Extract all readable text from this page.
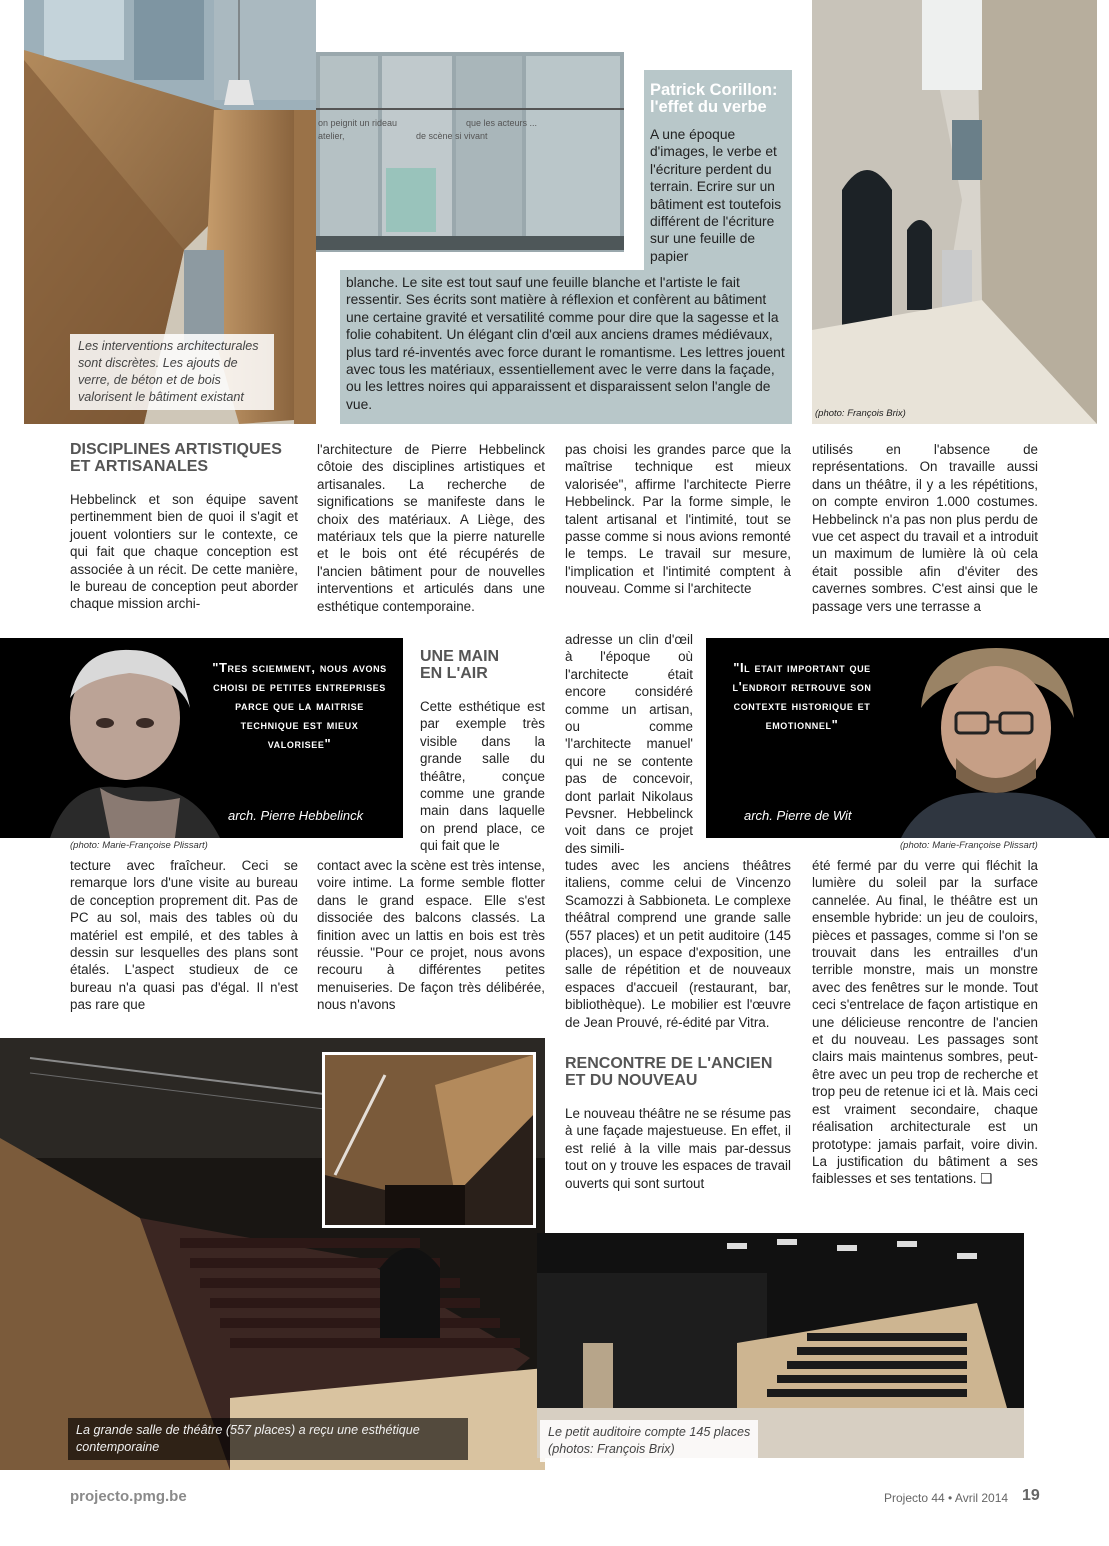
Les interventions architecturales sont discrètes. Les ajouts de verre, de béton et de bois valorisent le bâtiment existant
on peignit un rideau
atelier,
que les acteurs ...
de scène si vivant
Patrick Corillon:
l'effet du verbe

A une époque d'images, le verbe et l'écriture perdent du terrain. Ecrire sur un bâtiment est toutefois différent de l'écriture sur une feuille de papier

blanche. Le site est tout sauf une feuille blanche et l'artiste le fait ressentir. Ses écrits sont matière à réflexion et confèrent au bâtiment une certaine gravité et versatilité comme pour dire que la sagesse et la folie cohabitent. Un élégant clin d'œil aux anciens drames médiévaux, plus tard ré-inventés avec force durant le romantisme. Les lettres jouent avec tous les matériaux, essentiellement avec le verre dans la façade, ou les lettres noires qui apparaissent et disparaissent selon l'angle de vue.

(photo: François Brix)
DISCIPLINES ARTISTIQUES
ET ARTISANALES

Hebbelinck et son équipe savent pertinemment bien de quoi il s'agit et jouent volontiers sur le contexte, ce qui fait que chaque conception est associée à un récit. De cette manière, le bureau de conception peut aborder chaque mission archi-

l'architecture de Pierre Hebbelinck côtoie des disciplines artistiques et artisanales. La recherche de significations se manifeste dans le choix des matériaux. A Liège, des matériaux tels que la pierre naturelle et le bois ont été récupérés de l'ancien bâtiment pour de nouvelles interventions et articulés dans une esthétique contemporaine.

pas choisi les grandes parce que la maîtrise technique est mieux valorisée", affirme l'architecte Pierre Hebbelinck. Par la forme simple, le talent artisanal et l'intimité, tout se passe comme si nous avions remonté le temps. Le travail sur mesure, l'implication et l'intimité comptent à nouveau. Comme si l'architecte

utilisés en l'absence de représentations. On travaille aussi dans un théâtre, il y a les répétitions, on compte environ 1.000 costumes. Hebbelinck n'a pas non plus perdu de vue cet aspect du travail et a introduit un maximum de lumière là où cela était possible afin d'éviter des cavernes sombres. C'est ainsi que le passage vers une terrasse a

"Tres sciemment, nous avons choisi de petites entreprises parce que la maitrise technique est mieux valorisee"
arch. Pierre Hebbelinck
(photo: Marie-Françoise Plissart)
UNE MAIN
EN L'AIR

Cette esthétique est par exemple très visible dans la grande salle du théâtre, conçue comme une grande main dans laquelle on prend place, ce qui fait que le

adresse un clin d'œil à l'époque où l'architecte était encore considéré comme un artisan, ou comme 'l'architecte manuel' qui ne se contente pas de concevoir, dont parlait Nikolaus Pevsner. Hebbelinck voit dans ce projet des simili-

"Il etait important que l'endroit retrouve son contexte historique et emotionnel"
arch. Pierre de Wit
(photo: Marie-Françoise Plissart)

tecture avec fraîcheur. Ceci se remarque lors d'une visite au bureau de conception proprement dit. Pas de PC au sol, mais des tables où du matériel est empilé, et des tables à dessin sur lesquelles des plans sont étalés. L'aspect studieux de ce bureau n'a quasi pas d'égal. Il n'est pas rare que

contact avec la scène est très intense, voire intime. La forme semble flotter dans le grand espace. Elle s'est dissociée des balcons classés. La finition avec un lattis en bois est très réussie. "Pour ce projet, nous avons recouru à différentes petites menuiseries. De façon très délibérée, nous n'avons

tudes avec les anciens théâtres italiens, comme celui de Vincenzo Scamozzi à Sabbioneta. Le complexe théâtral comprend une grande salle (557 places) et un petit auditoire (145 places), un espace d'exposition, une salle de répétition et de nouveaux espaces d'accueil (restaurant, bar, bibliothèque). Le mobilier est l'œuvre de Jean Prouvé, ré-édité par Vitra.

RENCONTRE DE L'ANCIEN
ET DU NOUVEAU

Le nouveau théâtre ne se résume pas à une façade majestueuse. En effet, il est relié à la ville mais par-dessus tout on y trouve les espaces de travail ouverts qui sont surtout

été fermé par du verre qui fléchit la lumière du soleil par la surface cannelée. Au final, le théâtre est un ensemble hybride: un jeu de couloirs, pièces et passages, comme si l'on se trouvait dans les entrailles d'un terrible monstre, mais un monstre avec des fenêtres sur le monde. Tout ceci s'entrelace de façon artistique en une délicieuse rencontre de l'ancien et du nouveau. Les passages sont clairs mais maintenus sombres, peut-être avec un peu trop de recherche et trop peu de retenue ici et là. Mais ceci est vraiment secondaire, chaque réalisation architecturale est un prototype: jamais parfait, voire divin. La justification du bâtiment a ses faiblesses et ses tentations. ❑

La grande salle de théâtre (557 places) a reçu une esthétique contemporaine
Le petit auditoire compte 145 places
(photos: François Brix)
projecto.pmg.be	Projecto 44 • Avril 2014 19
